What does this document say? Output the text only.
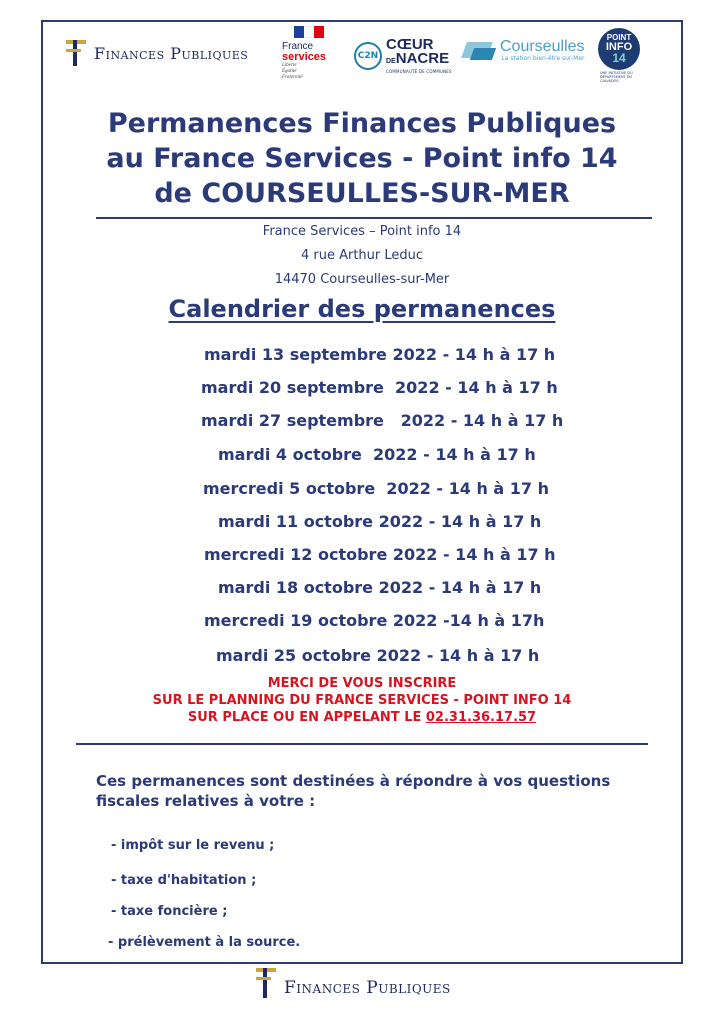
Finances Publiques	France
services
Liberté
Égalité
Fraternité
C2N
CŒUR
DENACRE
COMMUNAUTÉ DE COMMUNES
Courseulles
La station bien-être sur-Mer
POINT
INFO
14
UNE INITIATIVE DU DÉPARTEMENT DU CALVADOS
Permanences Finances Publiques
au France Services - Point info 14
de COURSEULLES-SUR-MER
France Services – Point info 14
4 rue Arthur Leduc
14470 Courseulles-sur-Mer
Calendrier des permanences
mardi 13 septembre 2022 - 14 h à 17 h
mardi 20 septembre  2022 - 14 h à 17 h
mardi 27 septembre   2022 - 14 h à 17 h
mardi 4 octobre  2022 - 14 h à 17 h
mercredi 5 octobre  2022 - 14 h à 17 h
mardi 11 octobre 2022 - 14 h à 17 h
mercredi 12 octobre 2022 - 14 h à 17 h
mardi 18 octobre 2022 - 14 h à 17 h
mercredi 19 octobre 2022 -14 h à 17h
mardi 25 octobre 2022 - 14 h à 17 h
MERCI DE VOUS INSCRIRE
SUR LE PLANNING DU FRANCE SERVICES - POINT INFO 14
SUR PLACE OU EN APPELANT LE 02.31.36.17.57
Ces permanences sont destinées à répondre à vos questions fiscales relatives à votre :
- impôt sur le revenu ;
- taxe d'habitation ;
- taxe foncière ;
- prélèvement à la source.
Finances Publiques
